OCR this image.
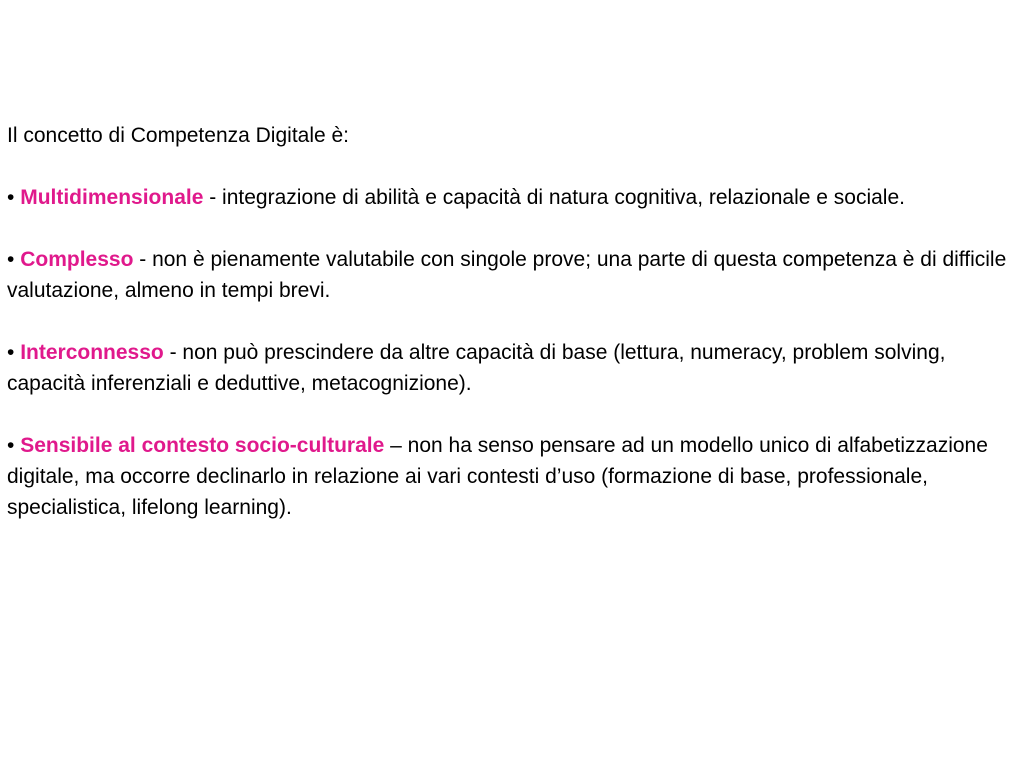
Il concetto di Competenza Digitale è:

• Multidimensionale - integrazione di abilità e capacità di natura cognitiva, relazionale e sociale.

• Complesso - non è pienamente valutabile con singole prove; una parte di questa competenza è di difficile valutazione, almeno in tempi brevi.

• Interconnesso - non può prescindere da altre capacità di base (lettura, numeracy, problem solving, capacità inferenziali e deduttive, metacognizione).

• Sensibile al contesto socio-culturale – non ha senso pensare ad un modello unico di alfabetizzazione digitale, ma occorre declinarlo in relazione ai vari contesti d’uso (formazione di base, professionale, specialistica, lifelong learning).
